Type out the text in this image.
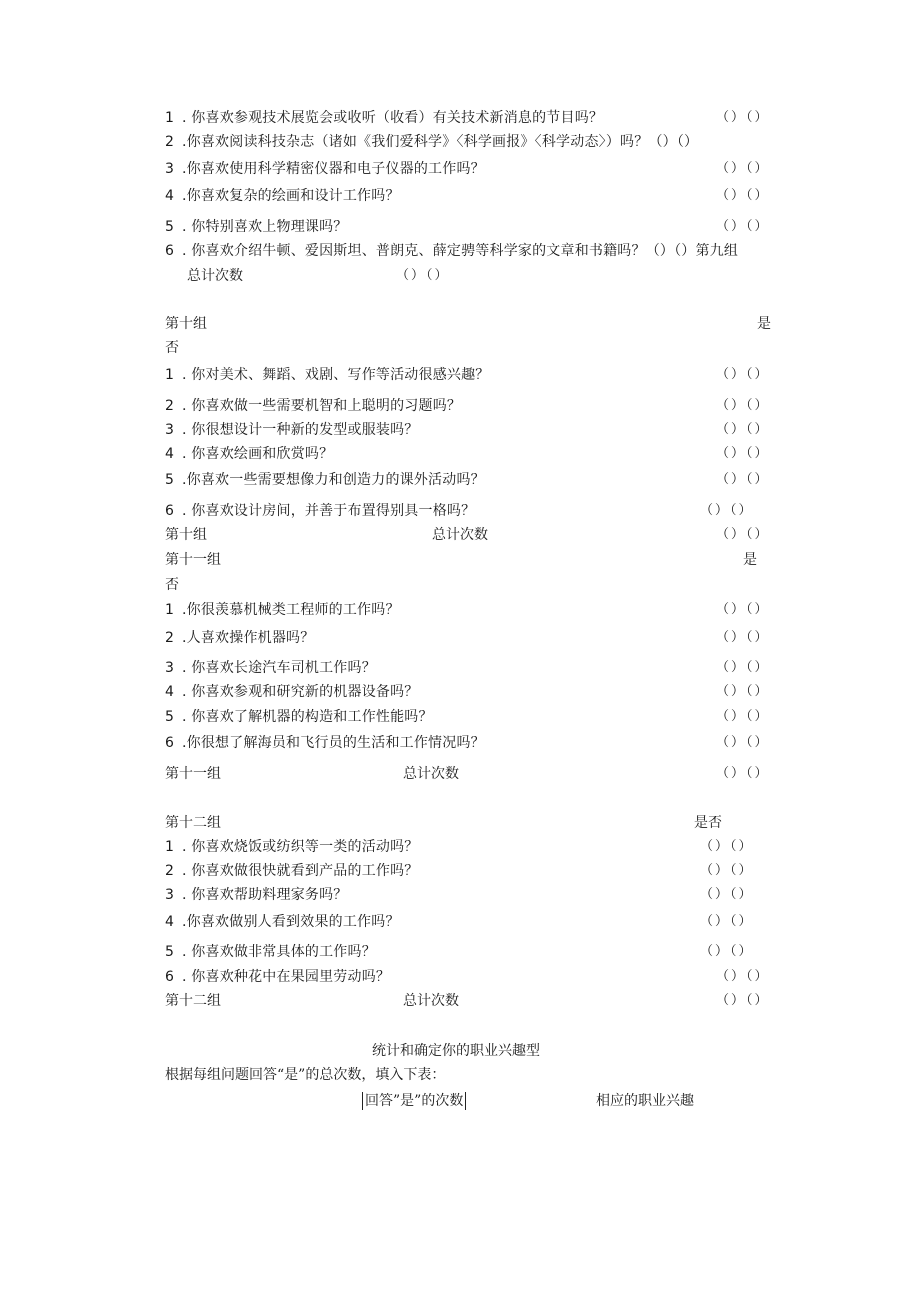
1 . 你喜欢参观技术展览会或收听（收看）有关技术新消息的节目吗？	（）（）
2 .你喜欢阅读科技杂志（诸如《我们爱科学》〈科学画报》〈科学动态〉）吗？（）（）
3 .你喜欢使用科学精密仪器和电子仪器的工作吗？	（）（）
4 .你喜欢复杂的绘画和设计工作吗？	（）（）
5 . 你特别喜欢上物理课吗？	（）（）
6 . 你喜欢介绍牛顿、爱因斯坦、普朗克、薛定骋等科学家的文章和书籍吗？（）（）第九组
总计次数	（）（）
第十组	是
否
1 . 你对美术、舞蹈、戏剧、写作等活动很感兴趣？	（）（）
2 . 你喜欢做一些需要机智和上聪明的习题吗？	（）（）
3 . 你很想设计一种新的发型或服装吗？	（）（）
4 . 你喜欢绘画和欣赏吗？	（）（）
5 .你喜欢一些需要想像力和创造力的课外活动吗？	（）（）
6 . 你喜欢设计房间，并善于布置得别具一格吗？	（）（）
第十组	总计次数	（）（）
第十一组	是
否
1 .你很羡慕机械类工程师的工作吗？	（）（）
2 .人喜欢操作机器吗？	（）（）
3 . 你喜欢长途汽车司机工作吗？	（）（）
4 . 你喜欢参观和研究新的机器设备吗？	（）（）
5 . 你喜欢了解机器的构造和工作性能吗？	（）（）
6 .你很想了解海员和飞行员的生活和工作情况吗？	（）（）
第十一组	总计次数	（）（）
第十二组	是否
1 . 你喜欢烧饭或纺织等一类的活动吗？	（）（）
2 . 你喜欢做很快就看到产品的工作吗？	（）（）
3 . 你喜欢帮助料理家务吗？	（）（）
4 .你喜欢做别人看到效果的工作吗？	（）（）
5 . 你喜欢做非常具体的工作吗？	（）（）
6 . 你喜欢种花中在果园里劳动吗？	（）（）
第十二组	总计次数	（）（）
统计和确定你的职业兴趣型
根据每组问题回答“是”的总次数，填入下表：
回答”是”的次数	相应的职业兴趣
